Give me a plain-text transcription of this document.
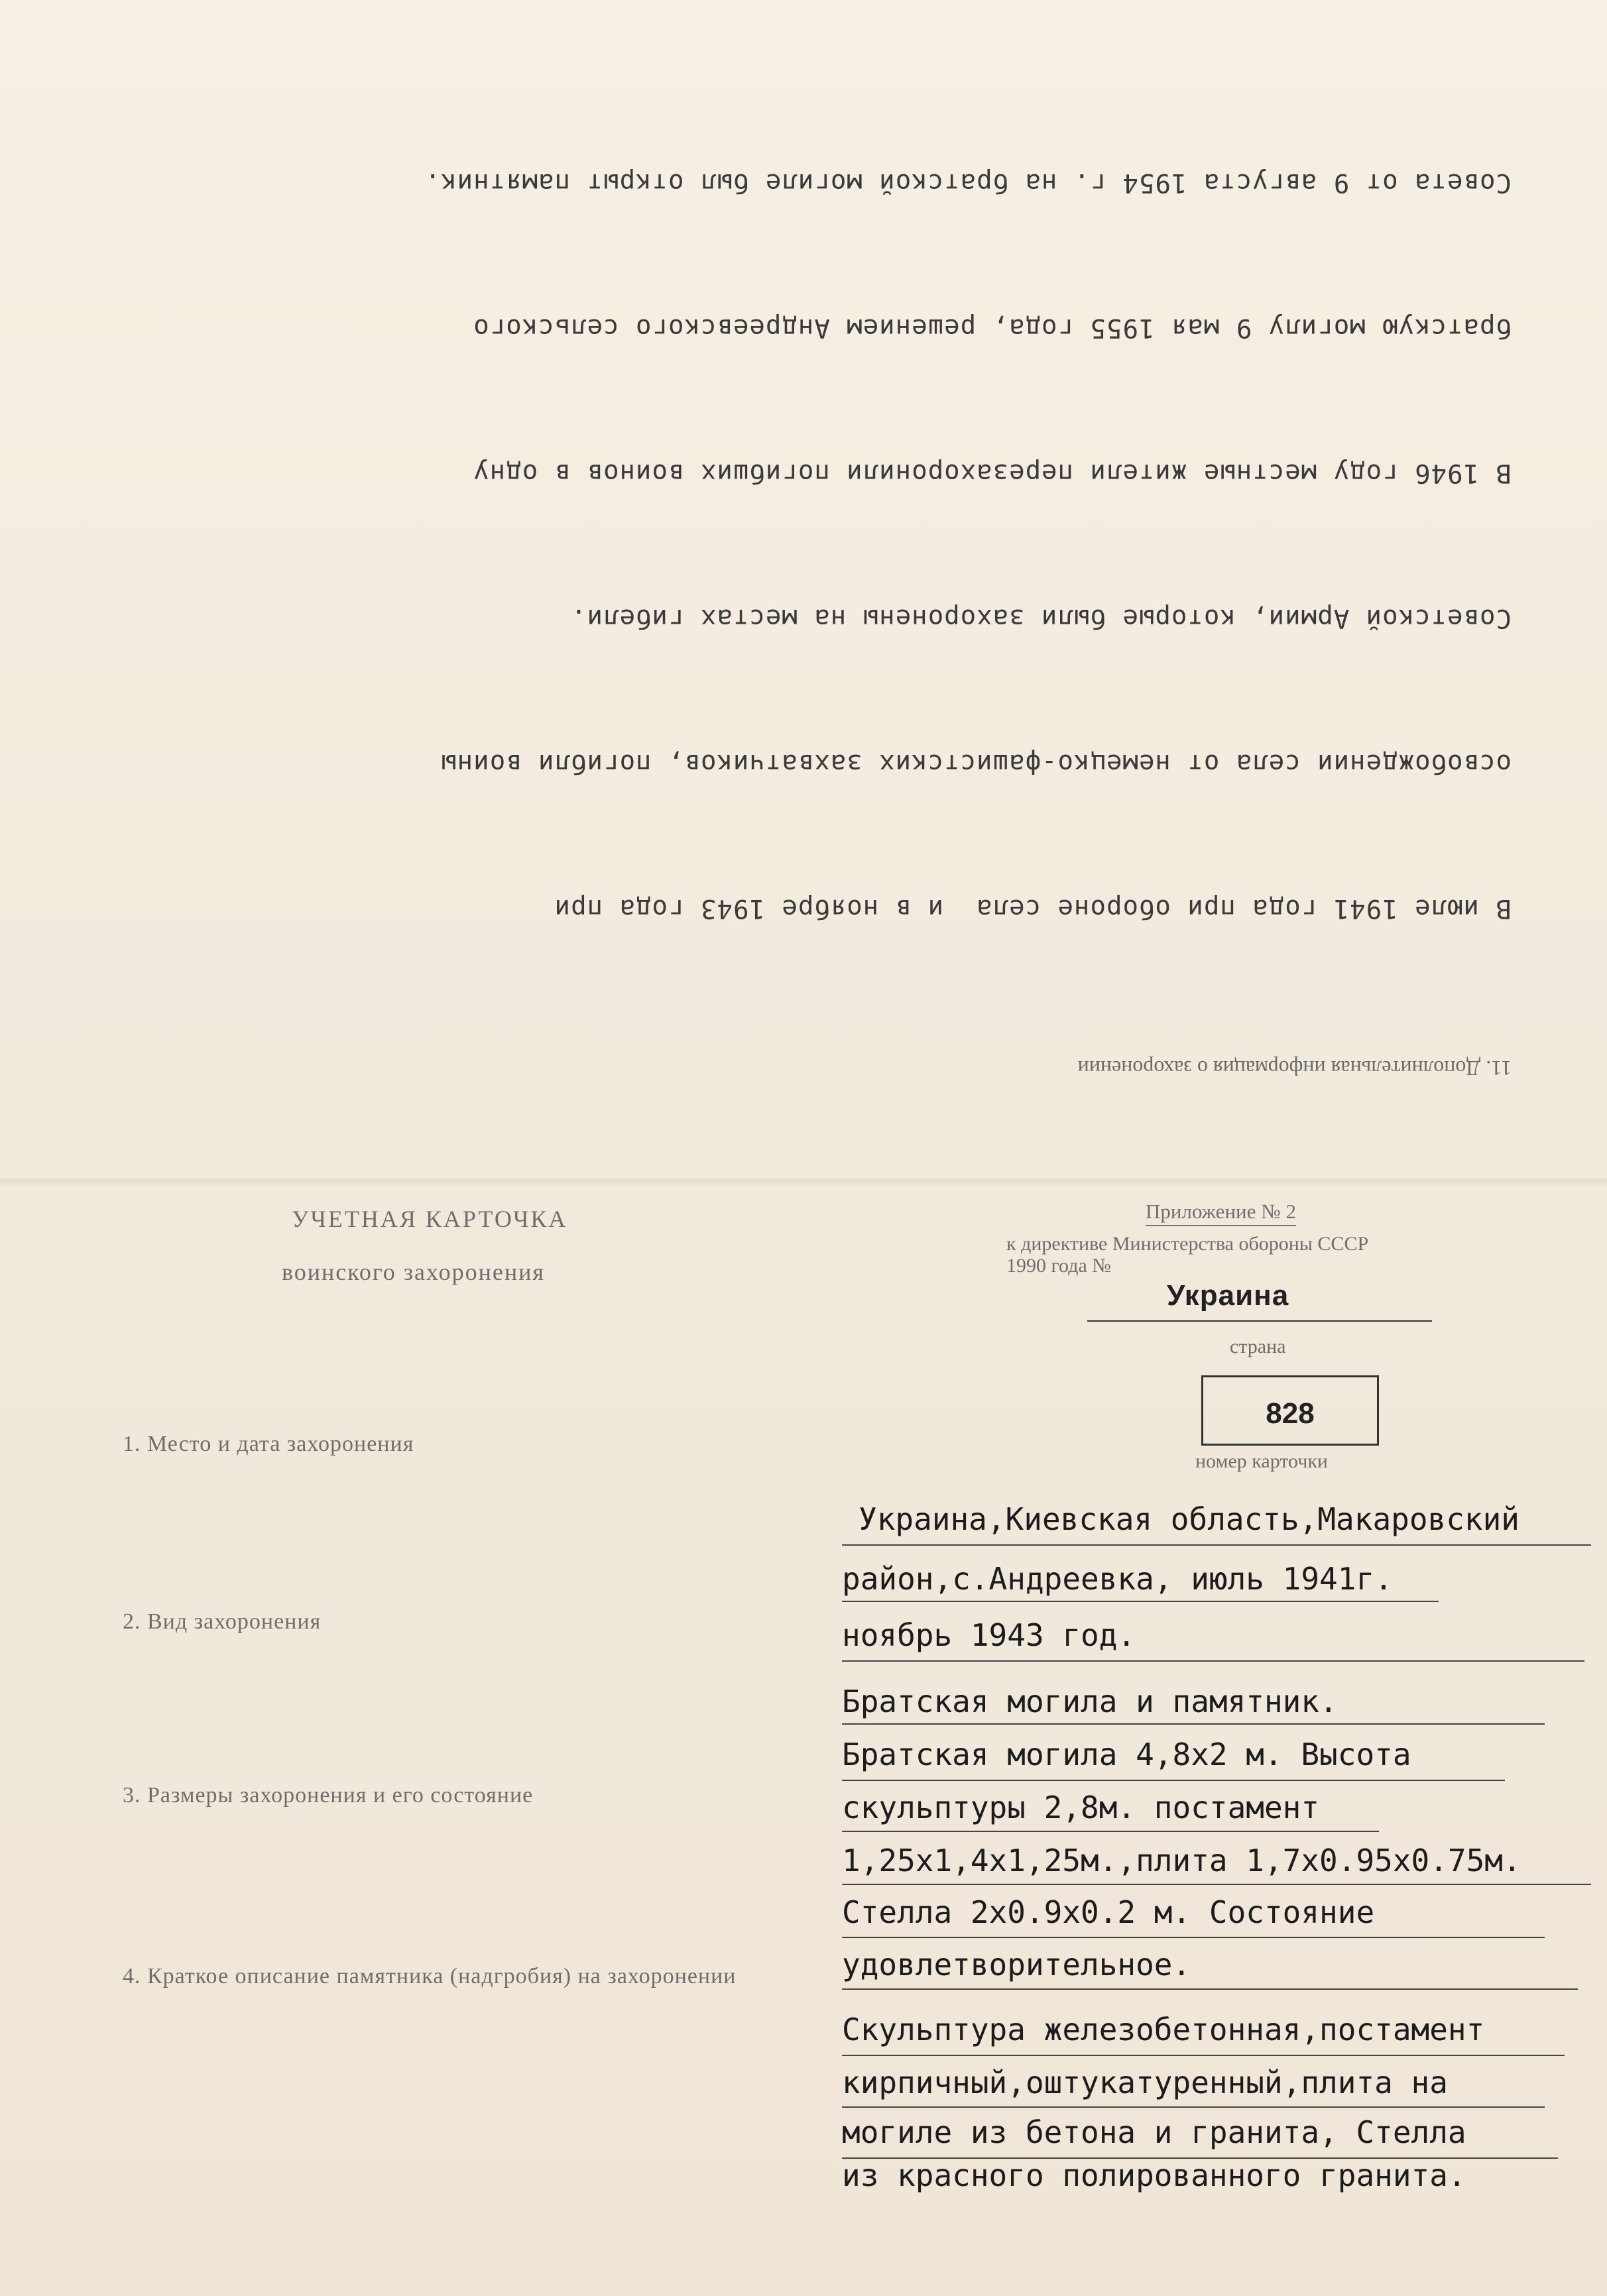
11. Дополнительная информация о захоронении

В июле 1941 года при обороне села  и в ноябре 1943 года при

освобождении села от немецко-фашистских захватчиков, погибли воины

Советской Армии, которые были захоронены на местах гибели.

В 1946 году местные жители перезахоронили погибших воинов в одну

братскую могилу 9 мая 1955 года, решением Андреевского сельского

Совета от 9 августа 1954 г. на братской могиле был открыт памятник.

УЧЕТНАЯ КАРТОЧКА
воинского захоронения
Приложение № 2
к директиве Министерства обороны СССР
1990 года №
Украина
страна
828
номер карточки
1. Место и дата захоронения
2. Вид захоронения
3. Размеры захоронения и его состояние
4. Краткое описание памятника (надгробия) на захоронении
Украина,Киевская область,Макаровский
район,с.Андреевка, июль 1941г.
ноябрь 1943 год.
Братская могила и памятник.
Братская могила 4,8х2 м. Высота
скульптуры 2,8м. постамент
1,25х1,4х1,25м.,плита 1,7х0.95х0.75м.
Стелла 2х0.9х0.2 м. Состояние
удовлетворительное.
Скульптура железобетонная,постамент
кирпичный,оштукатуренный,плита на
могиле из бетона и гранита, Стелла
из красного полированного гранита.
